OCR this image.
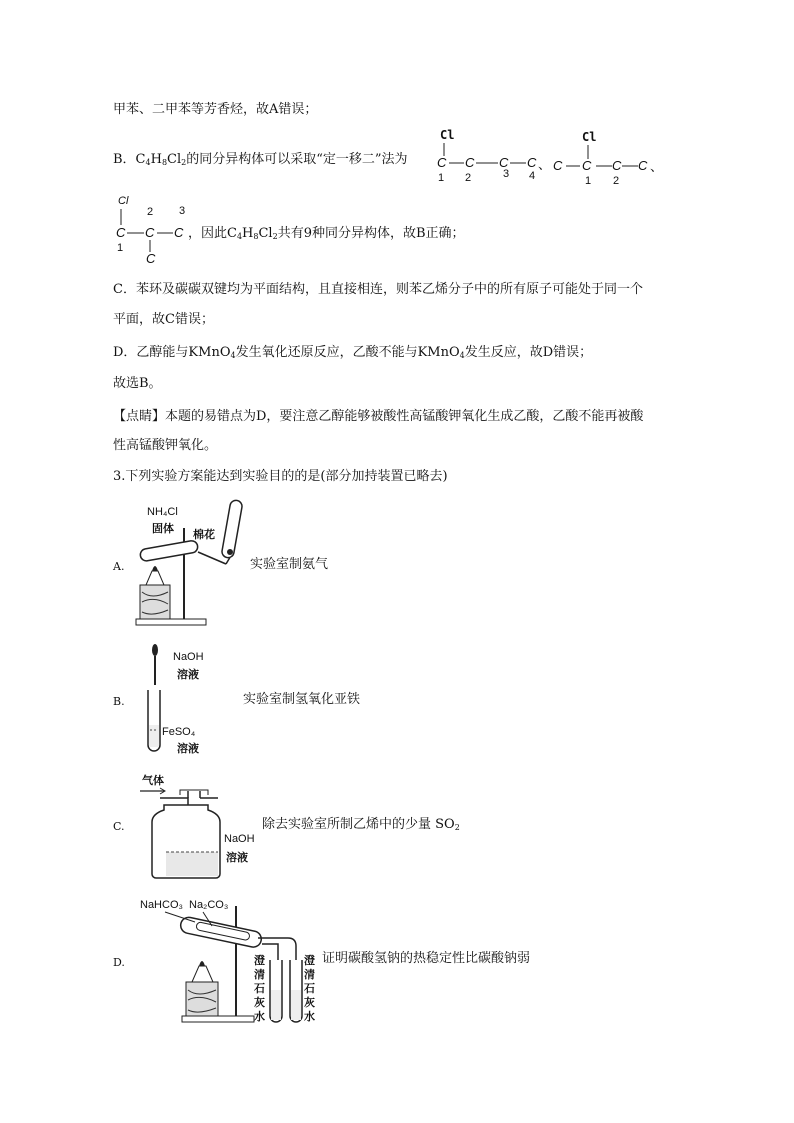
甲苯、二甲苯等芳香烃，故A错误；
B．$C_4H_8Cl_2$的同分异构体可以采取“定一移二”法为
Cl
C C C C
1 2	3 4
、
Cl
C C C C
1 2
、
Cl
C C C
C
1
2 3
，因此$C_4H_8Cl_2$共有9种同分异构体，故B正确；
C．苯环及碳碳双键均为平面结构，且直接相连，则苯乙烯分子中的所有原子可能处于同一个
平面，故C错误；
D．乙醇能与KMnO$_4$发生氧化还原反应，乙酸不能与KMnO$_4$发生反应，故D错误；
故选B。
【点睛】本题的易错点为D，要注意乙醇能够被酸性高锰酸钾氧化生成乙酸，乙酸不能再被酸
性高锰酸钾氧化。
3.下列实验方案能达到实验目的的是(部分加持装置已略去)
A.	实验室制氨气
NH₄Cl
固体 棉花
B.	实验室制氢氧化亚铁
NaOH
溶液
FeSO₄
溶液
C.	除去实验室所制乙烯中的少量 $SO_2$
气体
NaOH
溶液
D.	证明碳酸氢钠的热稳定性比碳酸钠弱
NaHCO₃ Na₂CO₃
澄
清
石
灰
水
澄
清
石
灰
水
